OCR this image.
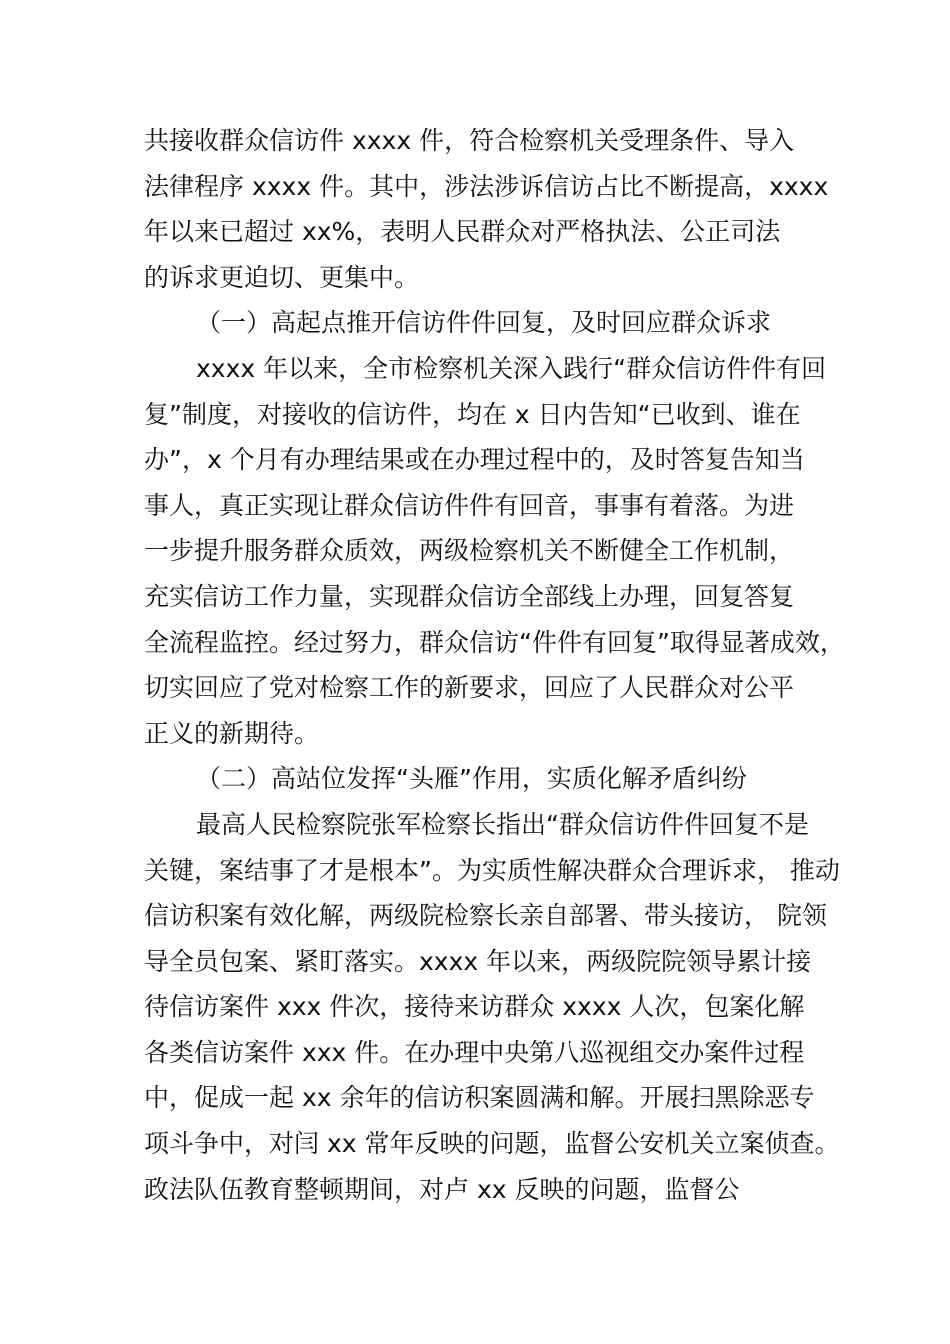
共接收群众信访件 xxxx 件，符合检察机关受理条件、导入
法律程序 xxxx 件。其中，涉法涉诉信访占比不断提高，xxxx
年以来已超过 xx%，表明人民群众对严格执法、公正司法
的诉求更迫切、更集中。
（一）高起点推开信访件件回复，及时回应群众诉求
xxxx 年以来，全市检察机关深入践行“群众信访件件有回
复”制度，对接收的信访件，均在 x 日内告知“已收到、谁在
办”，x 个月有办理结果或在办理过程中的，及时答复告知当
事人，真正实现让群众信访件件有回音，事事有着落。为进
一步提升服务群众质效，两级检察机关不断健全工作机制，
充实信访工作力量，实现群众信访全部线上办理，回复答复
全流程监控。经过努力，群众信访“件件有回复”取得显著成效，
切实回应了党对检察工作的新要求，回应了人民群众对公平
正义的新期待。
（二）高站位发挥“头雁”作用，实质化解矛盾纠纷
最高人民检察院张军检察长指出“群众信访件件回复不是
关键，案结事了才是根本”。为实质性解决群众合理诉求， 推动
信访积案有效化解，两级院检察长亲自部署、带头接访， 院领
导全员包案、紧盯落实。xxxx 年以来，两级院院领导累计接
待信访案件 xxx 件次，接待来访群众 xxxx 人次，包案化解
各类信访案件 xxx 件。在办理中央第八巡视组交办案件过程
中，促成一起 xx 余年的信访积案圆满和解。开展扫黑除恶专
项斗争中，对闫 xx 常年反映的问题，监督公安机关立案侦查。
政法队伍教育整顿期间，对卢 xx 反映的问题，监督公
